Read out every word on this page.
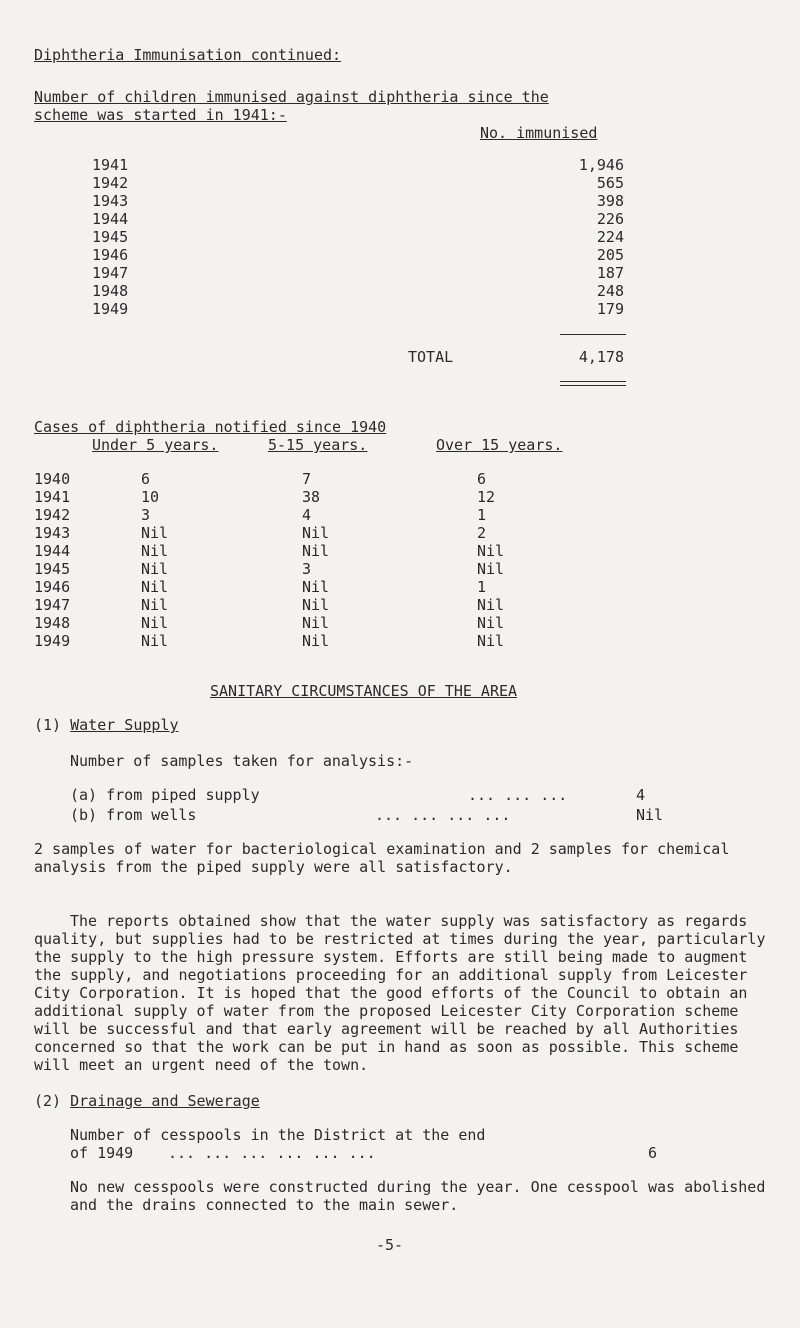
Diphtheria Immunisation continued:
Number of children immunised against diphtheria since the
scheme was started in 1941:-
No. immunised
1941	1,946
1942	565
1943	398
1944	226
1945	224
1946	205
1947	187
1948	248
1949	179
TOTAL	4,178
Cases of diphtheria notified since 1940
Under 5 years.	5-15 years.	Over 15 years.
1940	6	7	6
1941	10	38	12
1942	3	4	1
1943	Nil	Nil	2
1944	Nil	Nil	Nil
1945	Nil	3	Nil
1946	Nil	Nil	1
1947	Nil	Nil	Nil
1948	Nil	Nil	Nil
1949	Nil	Nil	Nil
SANITARY CIRCUMSTANCES OF THE AREA
(1) Water Supply
Number of samples taken for analysis:-
(a) from piped supply	... ... ...	4
(b) from wells	... ... ... ...	Nil
2 samples of water for bacteriological examination and 2 samples for chemical analysis from the piped supply were all satisfactory.
The reports obtained show that the water supply was satisfactory as regards quality, but supplies had to be restricted at times during the year, particularly the supply to the high pressure system. Efforts are still being made to augment the supply, and negotiations proceeding for an additional supply from Leicester City Corporation. It is hoped that the good efforts of the Council to obtain an additional supply of water from the proposed Leicester City Corporation scheme will be successful and that early agreement will be reached by all Authorities concerned so that the work can be put in hand as soon as possible. This scheme will meet an urgent need of the town.
(2) Drainage and Sewerage
Number of cesspools in the District at the end
of 1949 ... ... ... ... ... ...	6
No new cesspools were constructed during the year. One cesspool was abolished and the drains connected to the main sewer.
-5-
